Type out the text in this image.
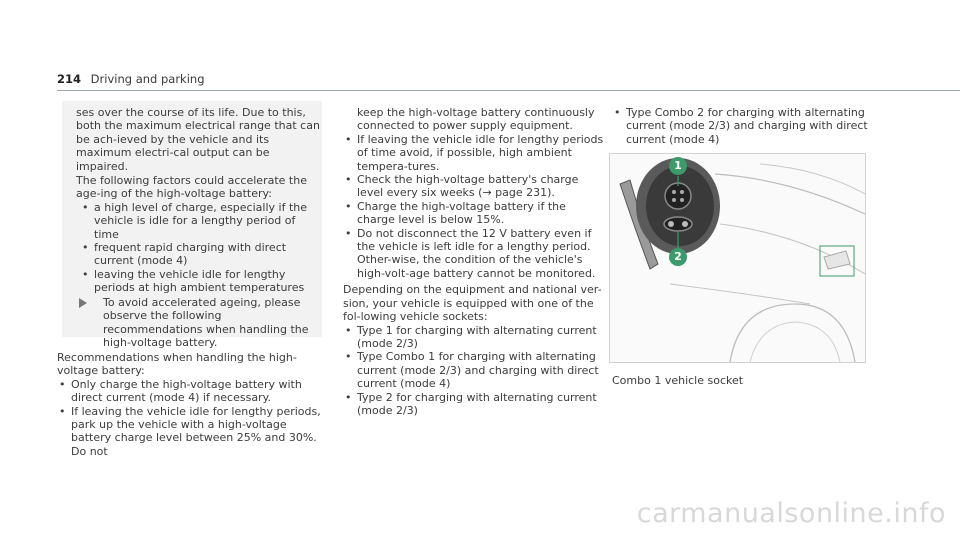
214 Driving and parking

ses over the course of its life. Due to this, both the maximum electrical range that can be ach-ieved by the vehicle and its maximum electri-cal output can be impaired.

The following factors could accelerate the age-ing of the high-voltage battery:

• a high level of charge, especially if the vehicle is idle for a lengthy period of time
• frequent rapid charging with direct current (mode 4)
• leaving the vehicle idle for lengthy periods at high ambient temperatures

To avoid accelerated ageing, please observe the following recommendations when handling the high-voltage battery.

Recommendations when handling the high-voltage battery:

• Only charge the high-voltage battery with direct current (mode 4) if necessary.
• If leaving the vehicle idle for lengthy periods, park up the vehicle with a high-voltage battery charge level between 25% and 30%. Do not

keep the high-voltage battery continuously connected to power supply equipment.

• If leaving the vehicle idle for lengthy periods of time avoid, if possible, high ambient tempera-tures.
• Check the high-voltage battery's charge level every six weeks (→ page 231).
• Charge the high-voltage battery if the charge level is below 15%.
• Do not disconnect the 12 V battery even if the vehicle is left idle for a lengthy period. Other-wise, the condition of the vehicle's high-volt-age battery cannot be monitored.

Depending on the equipment and national ver-sion, your vehicle is equipped with one of the fol-lowing vehicle sockets:

• Type 1 for charging with alternating current (mode 2/3)
• Type Combo 1 for charging with alternating current (mode 2/3) and charging with direct current (mode 4)
• Type 2 for charging with alternating current (mode 2/3)
• Type Combo 2 for charging with alternating current (mode 2/3) and charging with direct current (mode 4)
1
2
Combo 1 vehicle socket
carmanualsonline.info
